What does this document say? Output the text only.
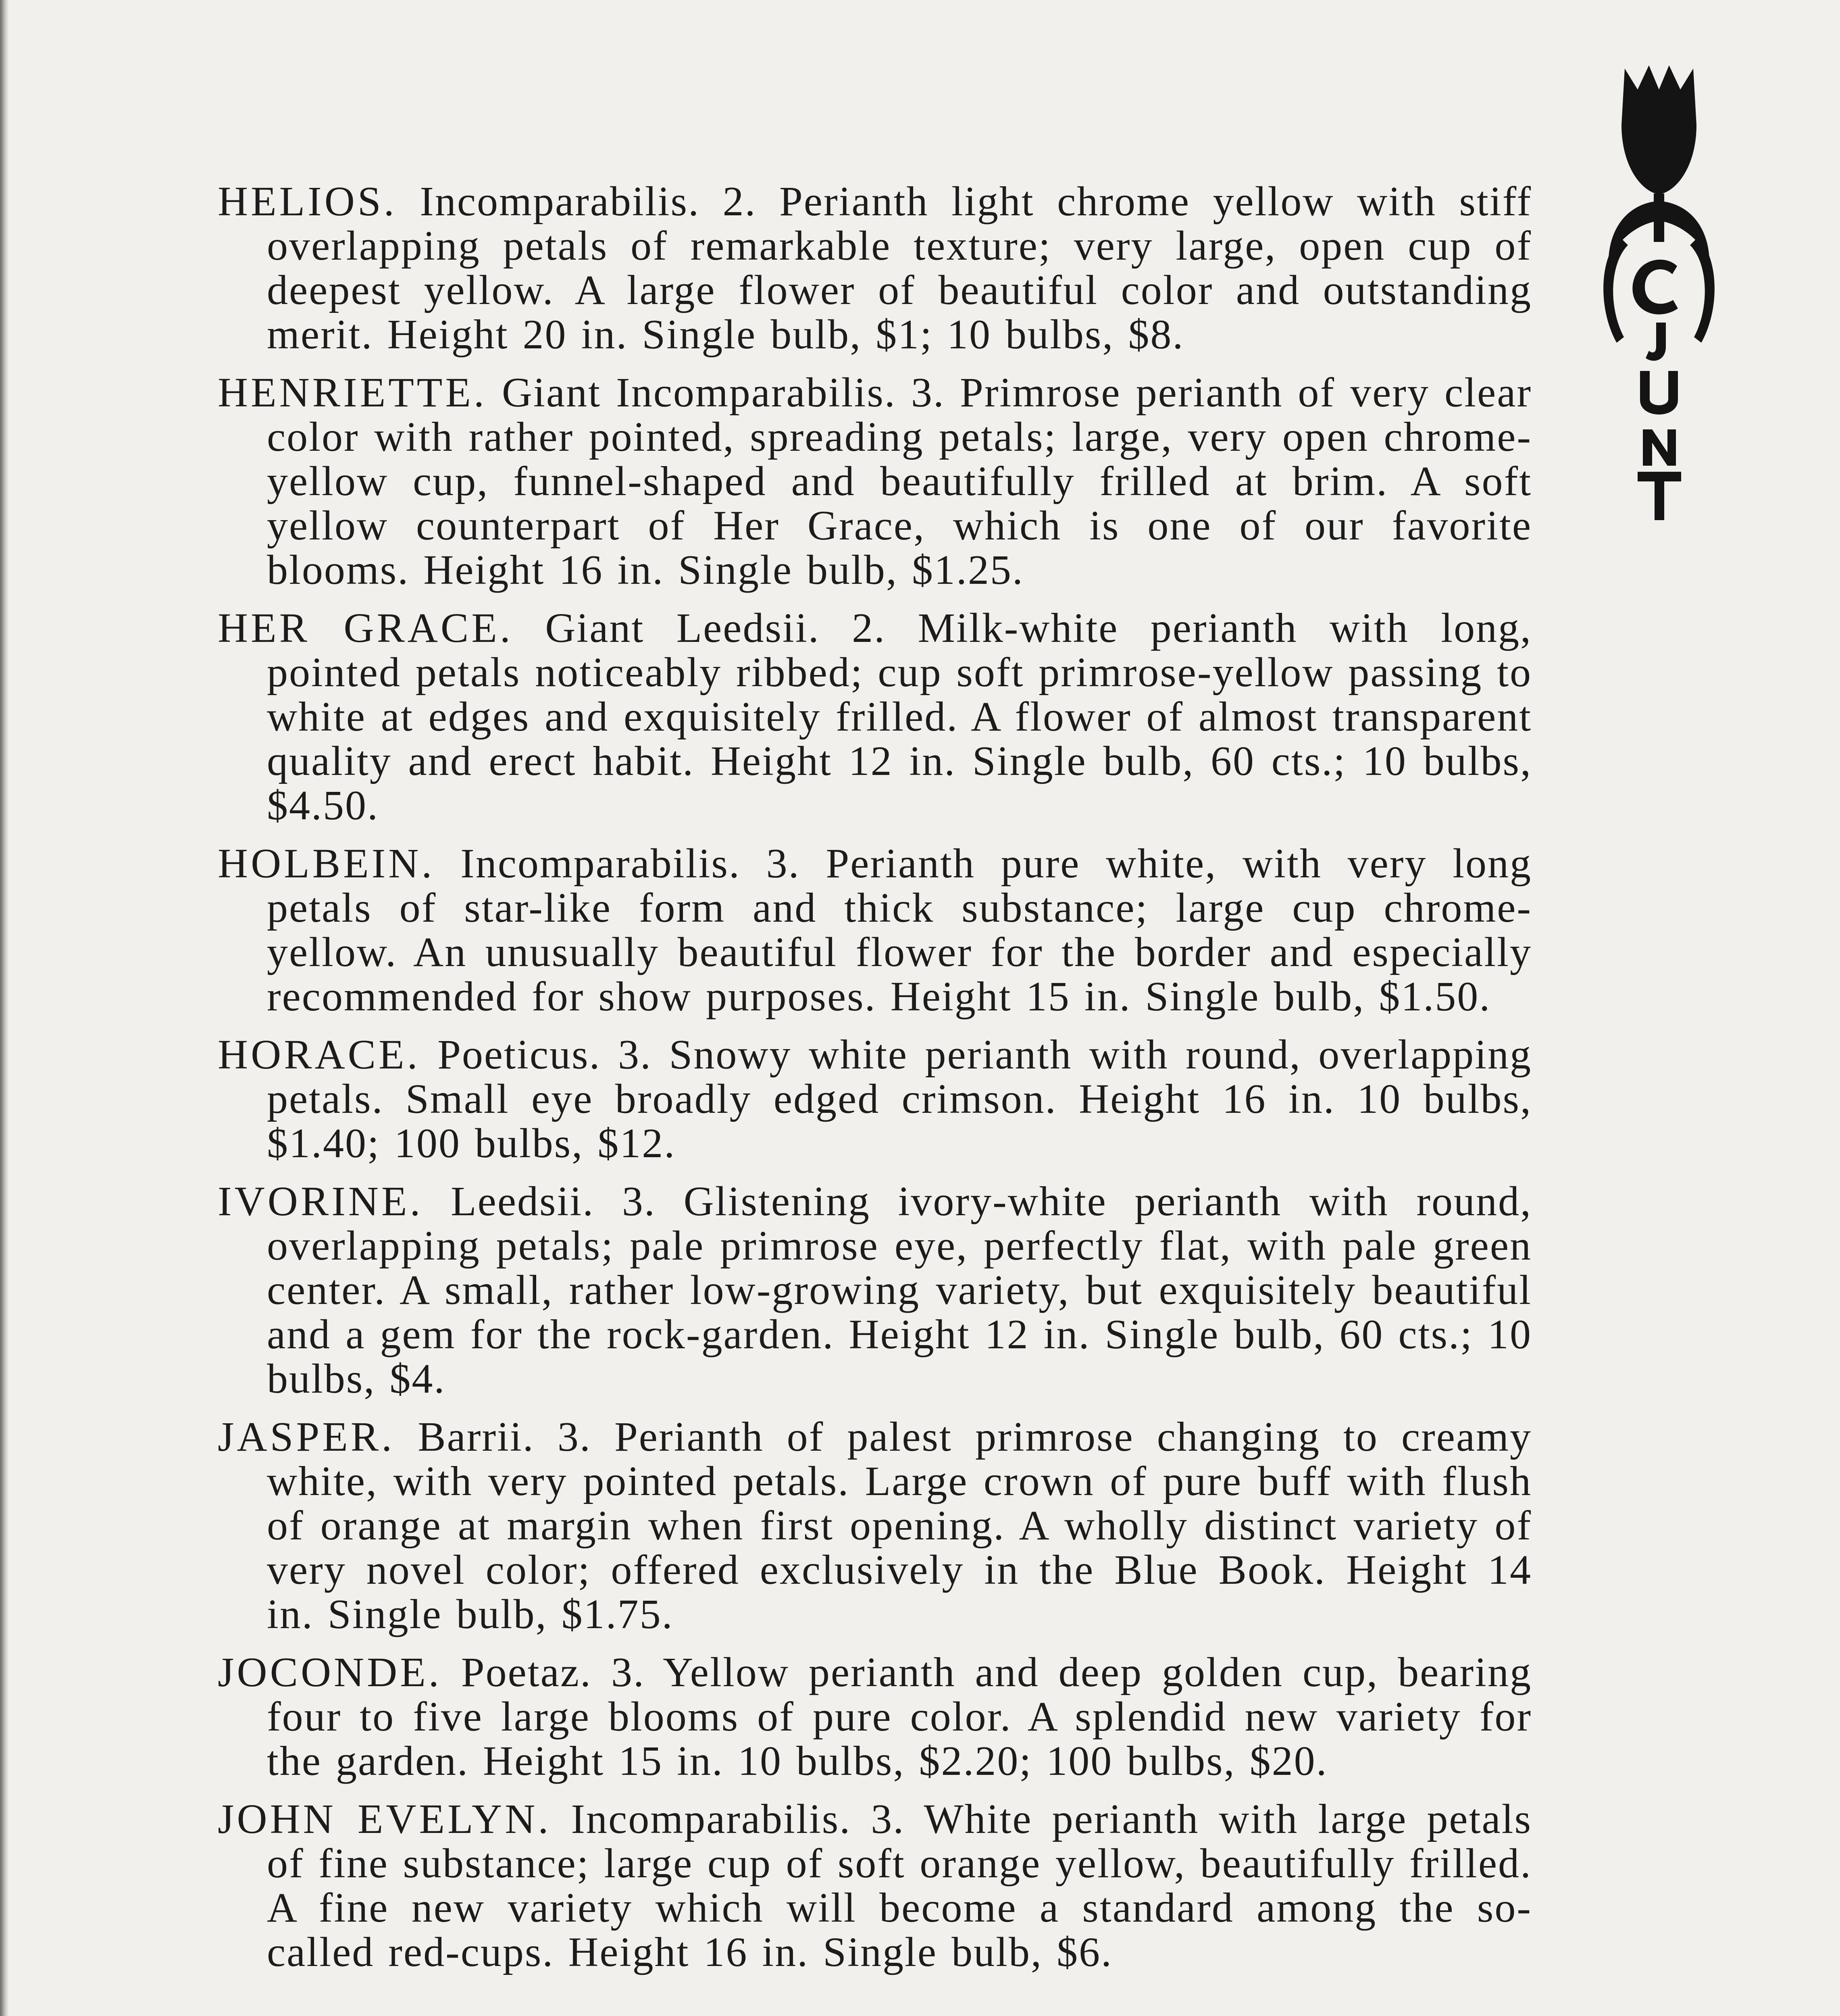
HELIOS. Incomparabilis. 2. Perianth light chrome yellow with stiff overlapping petals of remarkable texture; very large, open cup of deepest yellow. A large flower of beautiful color and outstanding merit. Height 20 in. Single bulb, $1; 10 bulbs, $8.

HENRIETTE. Giant Incomparabilis. 3. Primrose perianth of very clear color with rather pointed, spreading petals; large, very open chrome-yellow cup, funnel-shaped and beautifully frilled at brim. A soft yellow counterpart of Her Grace, which is one of our favorite blooms. Height 16 in. Single bulb, $1.25.

HER GRACE. Giant Leedsii. 2. Milk-white perianth with long, pointed petals noticeably ribbed; cup soft primrose-yellow passing to white at edges and exquisitely frilled. A flower of almost transparent quality and erect habit. Height 12 in. Single bulb, 60 cts.; 10 bulbs, $4.50.

HOLBEIN. Incomparabilis. 3. Perianth pure white, with very long petals of star-like form and thick substance; large cup chrome-yellow. An unusually beautiful flower for the border and especially recommended for show purposes. Height 15 in. Single bulb, $1.50.

HORACE. Poeticus. 3. Snowy white perianth with round, overlapping petals. Small eye broadly edged crimson. Height 16 in. 10 bulbs, $1.40; 100 bulbs, $12.

IVORINE. Leedsii. 3. Glistening ivory-white perianth with round, overlapping petals; pale primrose eye, perfectly flat, with pale green center. A small, rather low-growing variety, but exquisitely beautiful and a gem for the rock-garden. Height 12 in. Single bulb, 60 cts.; 10 bulbs, $4.

JASPER. Barrii. 3. Perianth of palest primrose changing to creamy white, with very pointed petals. Large crown of pure buff with flush of orange at margin when first opening. A wholly distinct variety of very novel color; offered exclusively in the Blue Book. Height 14 in. Single bulb, $1.75.

JOCONDE. Poetaz. 3. Yellow perianth and deep golden cup, bearing four to five large blooms of pure color. A splendid new variety for the garden. Height 15 in. 10 bulbs, $2.20; 100 bulbs, $20.

JOHN EVELYN. Incomparabilis. 3. White perianth with large petals of fine substance; large cup of soft orange yellow, beautifully frilled. A fine new variety which will become a standard among the so-called red-cups. Height 16 in. Single bulb, $6.
